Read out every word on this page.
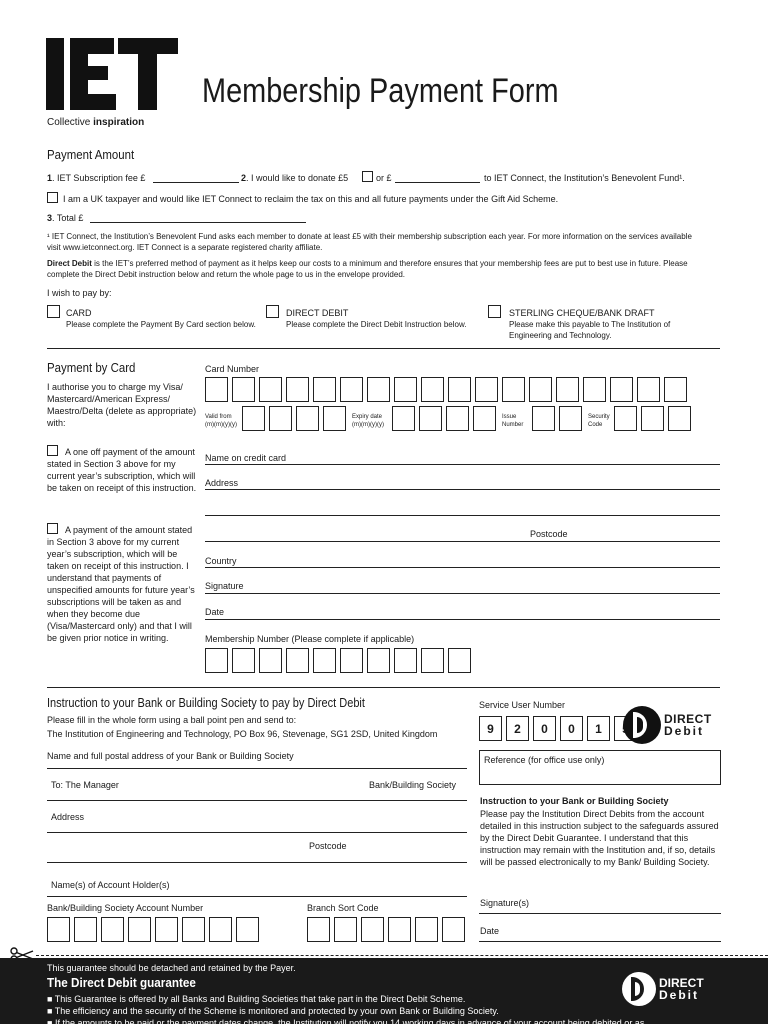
Collective inspiration
Membership Payment Form
Payment Amount
1. IET Subscription fee £	2. I would like to donate £5	or £	to IET Connect, the Institution’s Benevolent Fund¹.
I am a UK taxpayer and would like IET Connect to reclaim the tax on this and all future payments under the Gift Aid Scheme.
3. Total £
¹ IET Connect, the Institution’s Benevolent Fund asks each member to donate at least £5 with their membership subscription each year. For more information on the services available visit www.ietconnect.org. IET Connect is a separate registered charity affiliate.
Direct Debit is the IET’s preferred method of payment as it helps keep our costs to a minimum and therefore ensures that your membership fees are put to best use in future. Please complete the Direct Debit instruction below and return the whole page to us in the envelope provided.
I wish to pay by:
CARD
Please complete the Payment By Card section below.
DIRECT DEBIT
Please complete the Direct Debit Instruction below.
STERLING CHEQUE/BANK DRAFT
Please make this payable to The Institution of Engineering and Technology.
Payment by Card
I authorise you to charge my Visa/ Mastercard/American Express/ Maestro/Delta (delete as appropriate) with:
A one off payment of the amount stated in Section 3 above for my current year’s subscription, which will be taken on receipt of this instruction.
A payment of the amount stated in Section 3 above for my current year’s subscription, which will be taken on receipt of this instruction. I understand that payments of unspecified amounts for future year’s subscriptions will be taken as and when they become due (Visa/Mastercard only) and that I will be given prior notice in writing.
Card Number
Valid from
(m)(m)(y)(y)
Expiry date
(m)(m)(y)(y)
Issue
Number
Security
Code
Name on credit card
Address
Postcode
Country
Signature
Date
Membership Number (Please complete if applicable)
Instruction to your Bank or Building Society to pay by Direct Debit
Please fill in the whole form using a ball point pen and send to:
The Institution of Engineering and Technology, PO Box 96, Stevenage, SG1 2SD, United Kingdom
Name and full postal address of your Bank or Building Society
To: The Manager	Bank/Building Society
Address
Postcode
Name(s) of Account Holder(s)
Bank/Building Society Account Number	Branch Sort Code
Service User Number
9	2	0	0	1
DIRECT
Debit
Reference (for office use only)
Instruction to your Bank or Building Society
Please pay the Institution Direct Debits from the account detailed in this instruction subject to the safeguards assured by the Direct Debit Guarantee. I understand that this instruction may remain with the Institution and, if so, details will be passed electronically to my Bank/ Building Society.
Signature(s)
Date
This guarantee should be detached and retained by the Payer.
The Direct Debit guarantee
■ This Guarantee is offered by all Banks and Building Societies that take part in the Direct Debit Scheme.
■ The efficiency and the security of the Scheme is monitored and protected by your own Bank or Building Society.
■ If the amounts to be paid or the payment dates change, the Institution will notify you 14 working days in advance of your account being debited or as
DIRECT
Debit
